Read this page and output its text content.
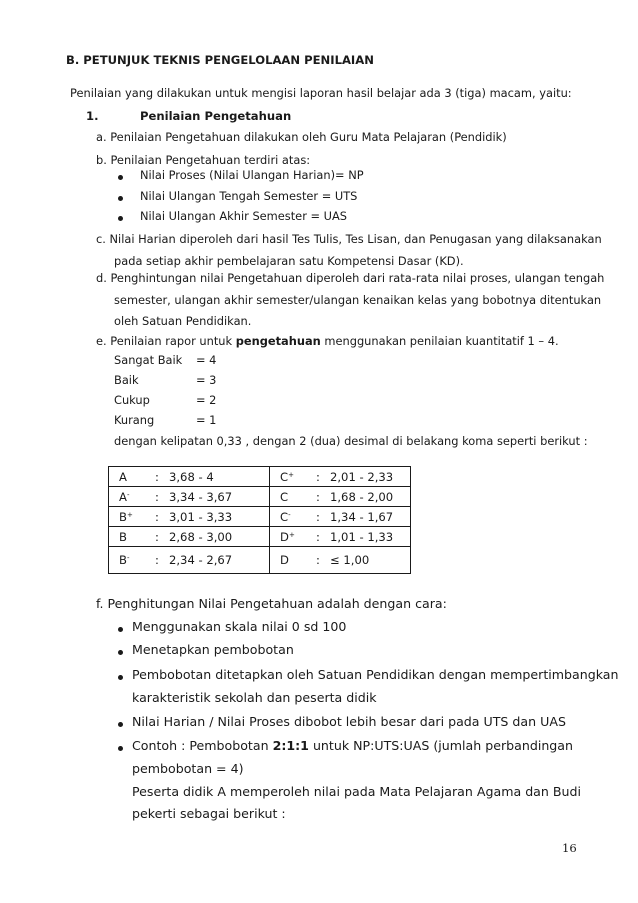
B. PETUNJUK TEKNIS PENGELOLAAN PENILAIAN
Penilaian yang dilakukan untuk mengisi laporan hasil belajar ada 3 (tiga) macam, yaitu:
1.	Penilaian Pengetahuan
a. Penilaian Pengetahuan dilakukan oleh Guru Mata Pelajaran (Pendidik)
b. Penilaian Pengetahuan terdiri atas:
Nilai Proses (Nilai Ulangan Harian)= NP
Nilai Ulangan Tengah Semester = UTS
Nilai Ulangan Akhir Semester = UAS
c. Nilai Harian diperoleh dari hasil Tes Tulis, Tes Lisan, dan Penugasan yang dilaksanakan
pada setiap akhir pembelajaran satu Kompetensi Dasar (KD).
d. Penghintungan nilai Pengetahuan diperoleh dari rata-rata nilai proses, ulangan tengah
semester, ulangan akhir semester/ulangan kenaikan kelas yang bobotnya ditentukan
oleh Satuan Pendidikan.
e. Penilaian rapor untuk pengetahuan menggunakan penilaian kuantitatif 1 – 4.
Sangat Baik = 4
Baik	= 3
Cukup	= 2
Kurang	= 1
dengan kelipatan 0,33 , dengan 2 (dua) desimal di belakang koma seperti berikut :
A : 3,68 - 4	C+ : 2,01 - 2,33
A- : 3,34 - 3,67	C : 1,68 - 2,00
B+ : 3,01 - 3,33	C- : 1,34 - 1,67
B : 2,68 - 3,00	D+ : 1,01 - 1,33
B- : 2,34 - 2,67	D : ≤ 1,00
f. Penghitungan Nilai Pengetahuan adalah dengan cara:
Menggunakan skala nilai 0 sd 100
Menetapkan pembobotan
Pembobotan ditetapkan oleh Satuan Pendidikan dengan mempertimbangkan
karakteristik sekolah dan peserta didik
Nilai Harian / Nilai Proses dibobot lebih besar dari pada UTS dan UAS
Contoh : Pembobotan 2:1:1 untuk NP:UTS:UAS (jumlah perbandingan
pembobotan = 4)
Peserta didik A memperoleh nilai pada Mata Pelajaran Agama dan Budi
pekerti sebagai berikut :
16
